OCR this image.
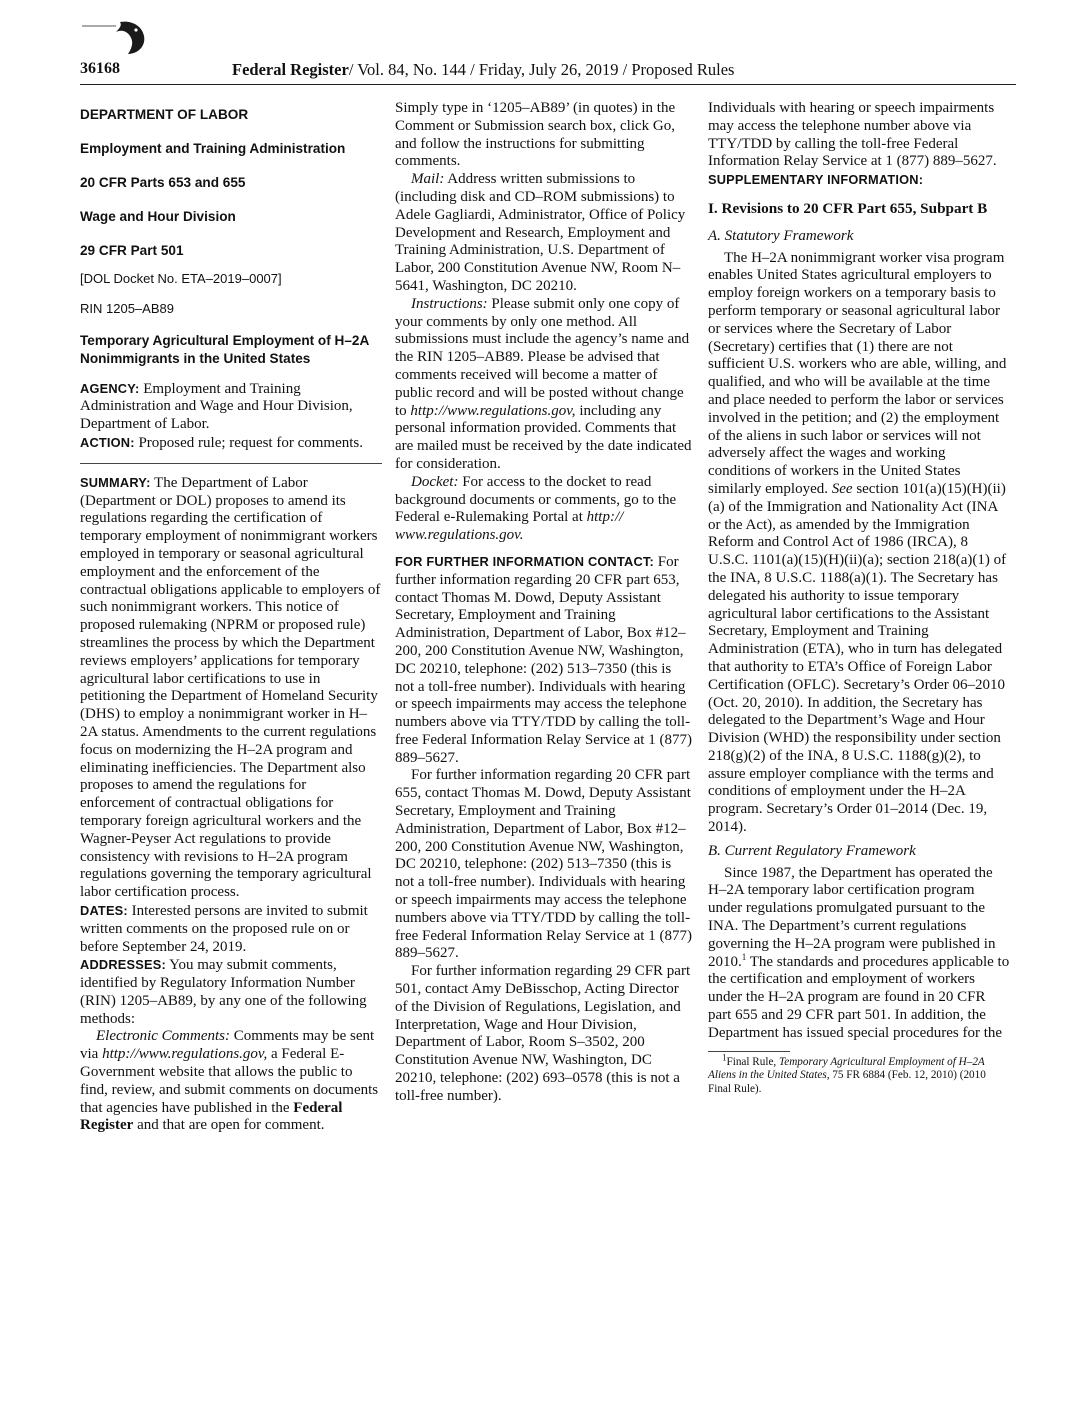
36168	Federal Register/ Vol. 84, No. 144 / Friday, July 26, 2019 / Proposed Rules
DEPARTMENT OF LABOR
Employment and Training Administration
20 CFR Parts 653 and 655
Wage and Hour Division
29 CFR Part 501
[DOL Docket No. ETA–2019–0007]
RIN 1205–AB89
Temporary Agricultural Employment of H–2A Nonimmigrants in the United States

AGENCY: Employment and Training Administration and Wage and Hour Division, Department of Labor.

ACTION: Proposed rule; request for comments.

SUMMARY: The Department of Labor (Department or DOL) proposes to amend its regulations regarding the certification of temporary employment of nonimmigrant workers employed in temporary or seasonal agricultural employment and the enforcement of the contractual obligations applicable to employers of such nonimmigrant workers. This notice of proposed rulemaking (NPRM or proposed rule) streamlines the process by which the Department reviews employers’ applications for temporary agricultural labor certifications to use in petitioning the Department of Homeland Security (DHS) to employ a nonimmigrant worker in H–2A status. Amendments to the current regulations focus on modernizing the H–2A program and eliminating inefficiencies. The Department also proposes to amend the regulations for enforcement of contractual obligations for temporary foreign agricultural workers and the Wagner-Peyser Act regulations to provide consistency with revisions to H–2A program regulations governing the temporary agricultural labor certification process.

DATES: Interested persons are invited to submit written comments on the proposed rule on or before September 24, 2019.

ADDRESSES: You may submit comments, identified by Regulatory Information Number (RIN) 1205–AB89, by any one of the following methods:

Electronic Comments: Comments may be sent via http://www.regulations.gov, a Federal E-Government website that allows the public to find, review, and submit comments on documents that agencies have published in the Federal Register and that are open for comment.

Simply type in ‘1205–AB89’ (in quotes) in the Comment or Submission search box, click Go, and follow the instructions for submitting comments.

Mail: Address written submissions to (including disk and CD–ROM submissions) to Adele Gagliardi, Administrator, Office of Policy Development and Research, Employment and Training Administration, U.S. Department of Labor, 200 Constitution Avenue NW, Room N–5641, Washington, DC 20210.

Instructions: Please submit only one copy of your comments by only one method. All submissions must include the agency’s name and the RIN 1205–AB89. Please be advised that comments received will become a matter of public record and will be posted without change to http://www.regulations.gov, including any personal information provided. Comments that are mailed must be received by the date indicated for consideration.

Docket: For access to the docket to read background documents or comments, go to the Federal e-Rulemaking Portal at http:// www.regulations.gov.

FOR FURTHER INFORMATION CONTACT: For further information regarding 20 CFR part 653, contact Thomas M. Dowd, Deputy Assistant Secretary, Employment and Training Administration, Department of Labor, Box #12–200, 200 Constitution Avenue NW, Washington, DC 20210, telephone: (202) 513–7350 (this is not a toll-free number). Individuals with hearing or speech impairments may access the telephone numbers above via TTY/TDD by calling the toll-free Federal Information Relay Service at 1 (877) 889–5627.

For further information regarding 20 CFR part 655, contact Thomas M. Dowd, Deputy Assistant Secretary, Employment and Training Administration, Department of Labor, Box #12–200, 200 Constitution Avenue NW, Washington, DC 20210, telephone: (202) 513–7350 (this is not a toll-free number). Individuals with hearing or speech impairments may access the telephone numbers above via TTY/TDD by calling the toll-free Federal Information Relay Service at 1 (877) 889–5627.

For further information regarding 29 CFR part 501, contact Amy DeBisschop, Acting Director of the Division of Regulations, Legislation, and Interpretation, Wage and Hour Division, Department of Labor, Room S–3502, 200 Constitution Avenue NW, Washington, DC 20210, telephone: (202) 693–0578 (this is not a toll-free number).

Individuals with hearing or speech impairments may access the telephone number above via TTY/TDD by calling the toll-free Federal Information Relay Service at 1 (877) 889–5627.

SUPPLEMENTARY INFORMATION:

I. Revisions to 20 CFR Part 655, Subpart B
A. Statutory Framework

The H–2A nonimmigrant worker visa program enables United States agricultural employers to employ foreign workers on a temporary basis to perform temporary or seasonal agricultural labor or services where the Secretary of Labor (Secretary) certifies that (1) there are not sufficient U.S. workers who are able, willing, and qualified, and who will be available at the time and place needed to perform the labor or services involved in the petition; and (2) the employment of the aliens in such labor or services will not adversely affect the wages and working conditions of workers in the United States similarly employed. See section 101(a)(15)(H)(ii)(a) of the Immigration and Nationality Act (INA or the Act), as amended by the Immigration Reform and Control Act of 1986 (IRCA), 8 U.S.C. 1101(a)(15)(H)(ii)(a); section 218(a)(1) of the INA, 8 U.S.C. 1188(a)(1). The Secretary has delegated his authority to issue temporary agricultural labor certifications to the Assistant Secretary, Employment and Training Administration (ETA), who in turn has delegated that authority to ETA’s Office of Foreign Labor Certification (OFLC). Secretary’s Order 06–2010 (Oct. 20, 2010). In addition, the Secretary has delegated to the Department’s Wage and Hour Division (WHD) the responsibility under section 218(g)(2) of the INA, 8 U.S.C. 1188(g)(2), to assure employer compliance with the terms and conditions of employment under the H–2A program. Secretary’s Order 01–2014 (Dec. 19, 2014).

B. Current Regulatory Framework

Since 1987, the Department has operated the H–2A temporary labor certification program under regulations promulgated pursuant to the INA. The Department’s current regulations governing the H–2A program were published in 2010.$^1$ The standards and procedures applicable to the certification and employment of workers under the H–2A program are found in 20 CFR part 655 and 29 CFR part 501. In addition, the Department has issued special procedures for the

$^1$Final Rule, Temporary Agricultural Employment of H–2A Aliens in the United States, 75 FR 6884 (Feb. 12, 2010) (2010 Final Rule).
